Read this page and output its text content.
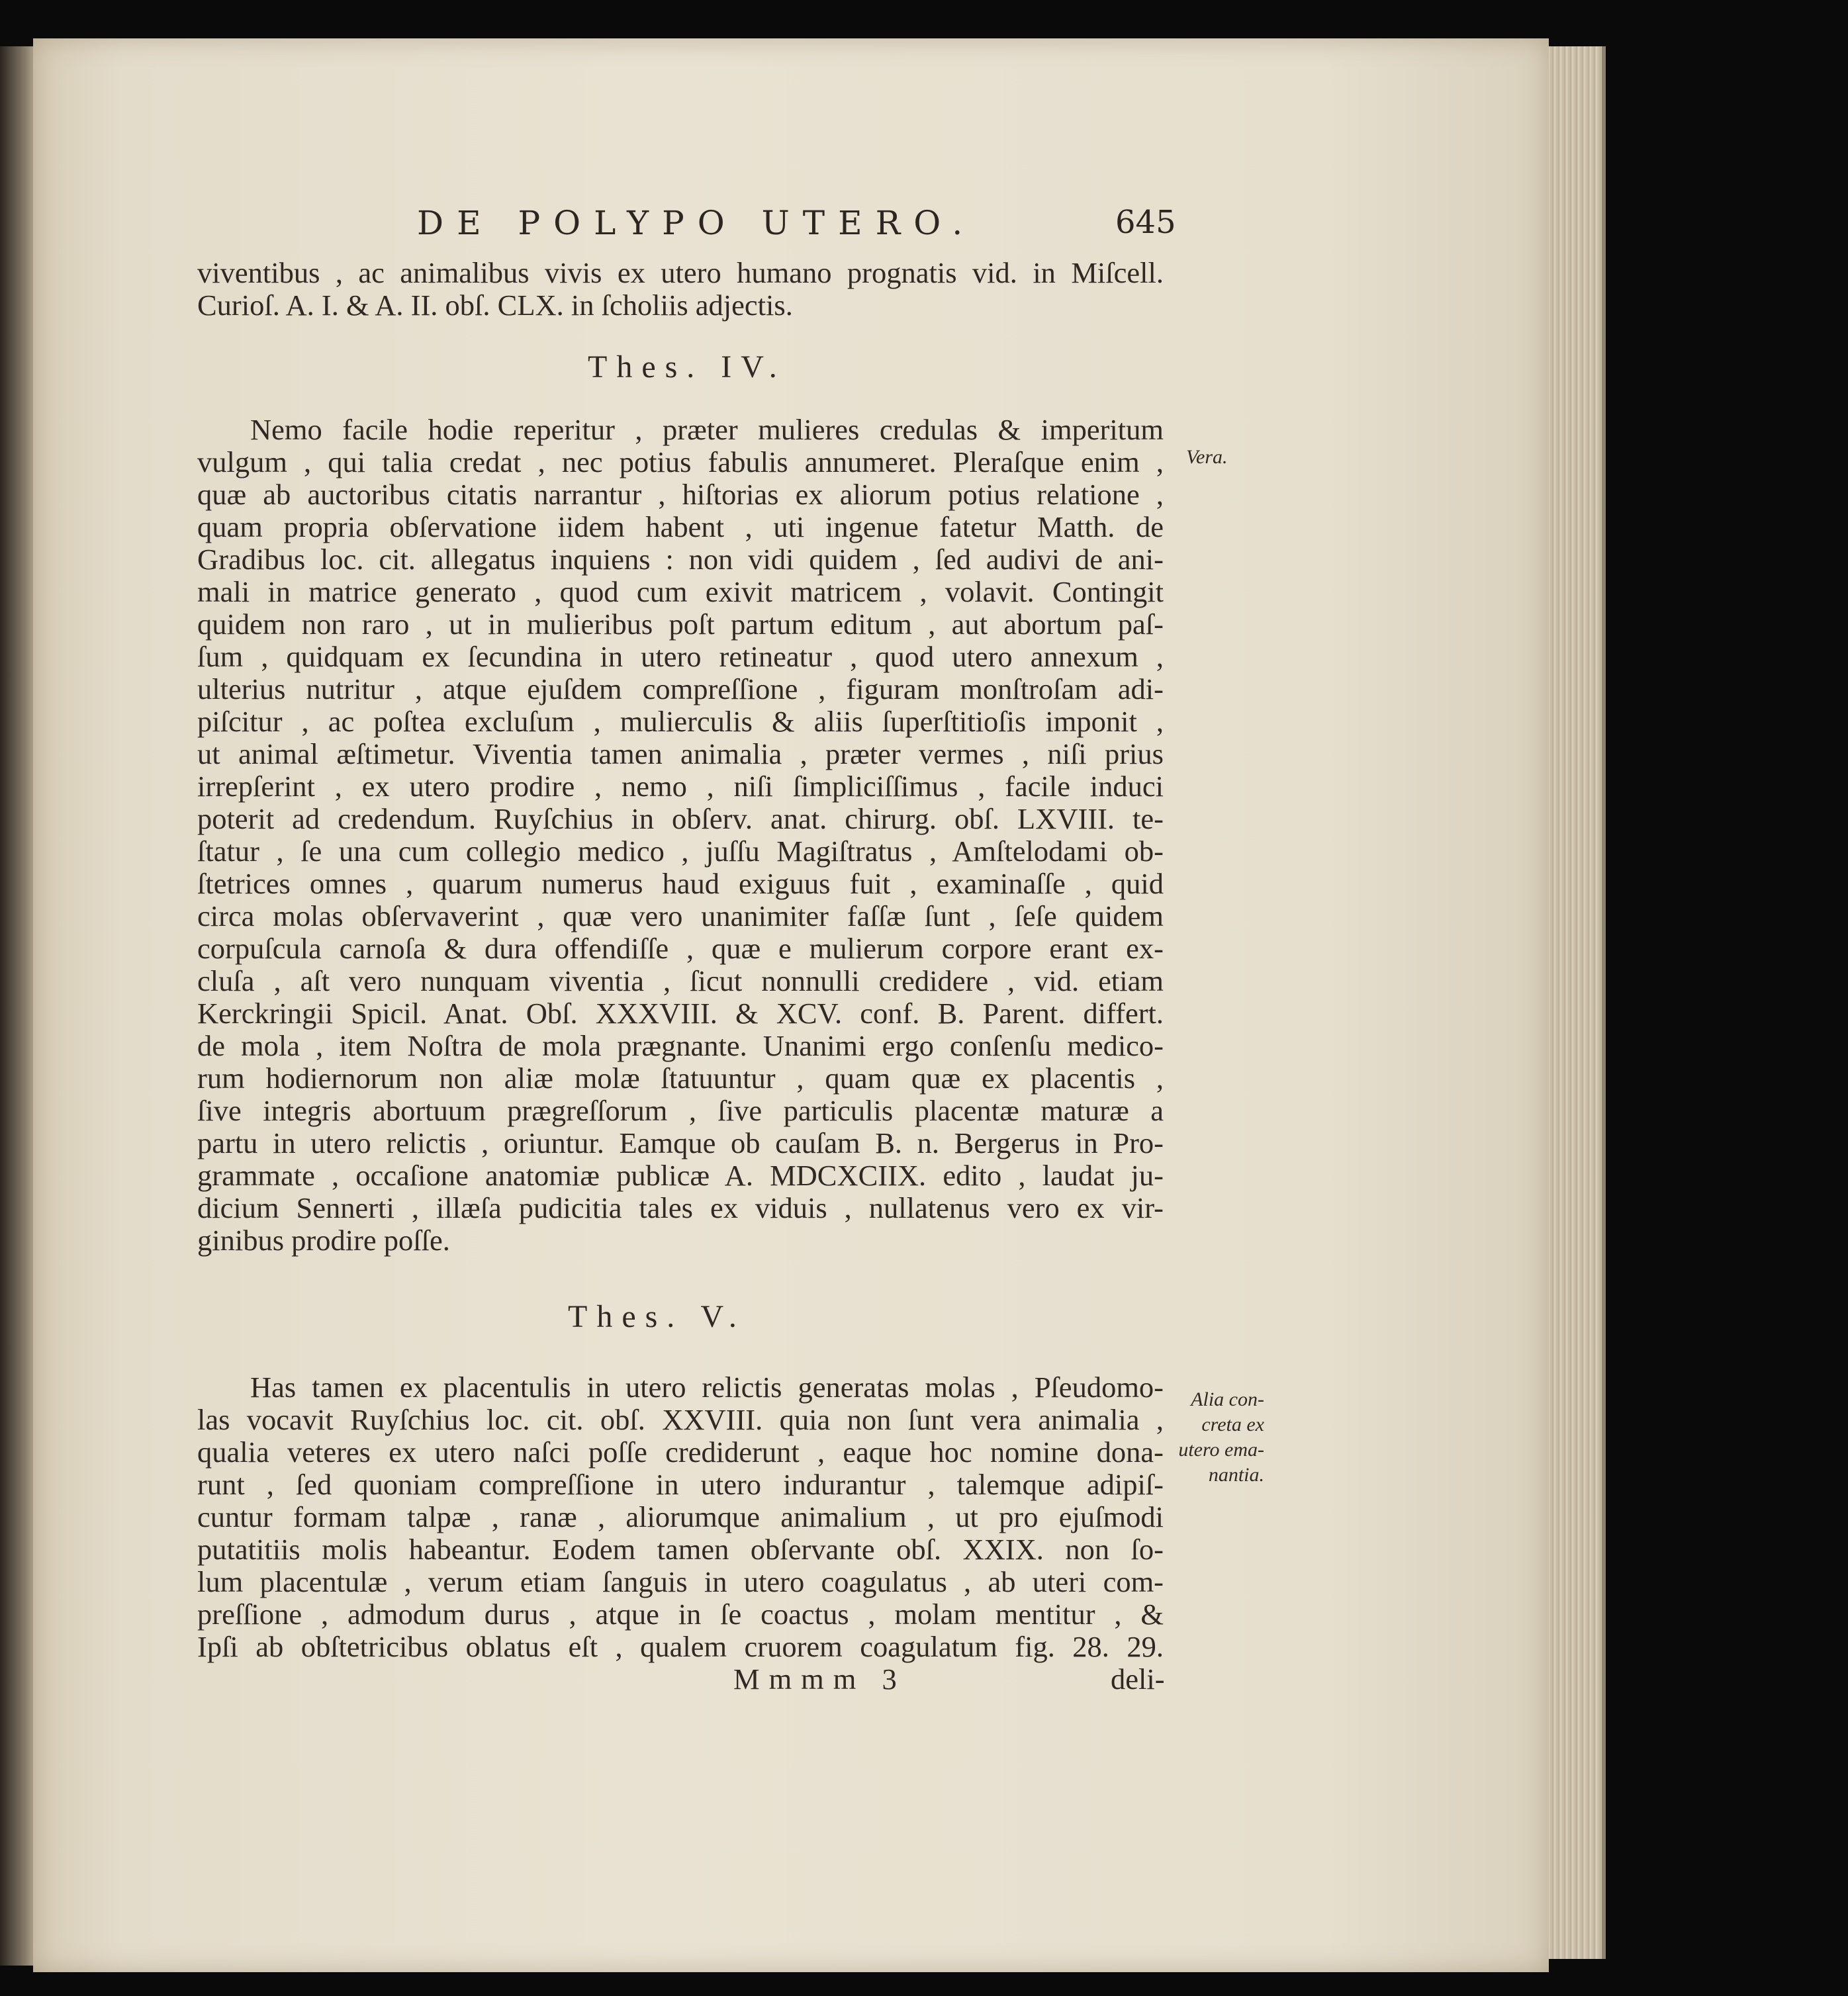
DE POLYPO UTERO.	645
viventibus , ac animalibus vivis ex utero humano prognatis vid. in Miſcell.
Curioſ. A. I. & A. II. obſ. CLX. in ſcholiis adjectis.
Thes. IV.
Nemo facile hodie reperitur , præter mulieres credulas & imperitum
vulgum , qui talia credat , nec potius fabulis annumeret. Pleraſque enim ,
quæ ab auctoribus citatis narrantur , hiſtorias ex aliorum potius relatione ,
quam propria obſervatione iidem habent , uti ingenue fatetur Matth. de
Gradibus loc. cit. allegatus inquiens : non vidi quidem , ſed audivi de ani-
mali in matrice generato , quod cum exivit matricem , volavit. Contingit
quidem non raro , ut in mulieribus poſt partum editum , aut abortum paſ-
ſum , quidquam ex ſecundina in utero retineatur , quod utero annexum ,
ulterius nutritur , atque ejuſdem compreſſione , figuram monſtroſam adi-
piſcitur , ac poſtea excluſum , mulierculis & aliis ſuperſtitioſis imponit ,
ut animal æſtimetur. Viventia tamen animalia , præter vermes , niſi prius
irrepſerint , ex utero prodire , nemo , niſi ſimpliciſſimus , facile induci
poterit ad credendum. Ruyſchius in obſerv. anat. chirurg. obſ. LXVIII. te-
ſtatur , ſe una cum collegio medico , juſſu Magiſtratus , Amſtelodami ob-
ſtetrices omnes , quarum numerus haud exiguus fuit , examinaſſe , quid
circa molas obſervaverint , quæ vero unanimiter faſſæ ſunt , ſeſe quidem
corpuſcula carnoſa & dura offendiſſe , quæ e mulierum corpore erant ex-
cluſa , aſt vero nunquam viventia , ſicut nonnulli credidere , vid. etiam
Kerckringii Spicil. Anat. Obſ. XXXVIII. & XCV. conf. B. Parent. differt.
de mola , item Noſtra de mola prægnante. Unanimi ergo conſenſu medico-
rum hodiernorum non aliæ molæ ſtatuuntur , quam quæ ex placentis ,
ſive integris abortuum prægreſſorum , ſive particulis placentæ maturæ a
partu in utero relictis , oriuntur. Eamque ob cauſam B. n. Bergerus in Pro-
grammate , occaſione anatomiæ publicæ A. MDCXCIIX. edito , laudat ju-
dicium Sennerti , illæſa pudicitia tales ex viduis , nullatenus vero ex vir-
ginibus prodire poſſe.
Thes. V.
Has tamen ex placentulis in utero relictis generatas molas , Pſeudomo-
las vocavit Ruyſchius loc. cit. obſ. XXVIII. quia non ſunt vera animalia ,
qualia veteres ex utero naſci poſſe crediderunt , eaque hoc nomine dona-
runt , ſed quoniam compreſſione in utero indurantur , talemque adipiſ-
cuntur formam talpæ , ranæ , aliorumque animalium , ut pro ejuſmodi
putatitiis molis habeantur. Eodem tamen obſervante obſ. XXIX. non ſo-
lum placentulæ , verum etiam ſanguis in utero coagulatus , ab uteri com-
preſſione , admodum durus , atque in ſe coactus , molam mentitur , &
Ipſi ab obſtetricibus oblatus eſt , qualem cruorem coagulatum fig. 28. 29.
Mmmm 3	deli-
Vera.
Alia con-
creta ex
utero ema-
nantia.
